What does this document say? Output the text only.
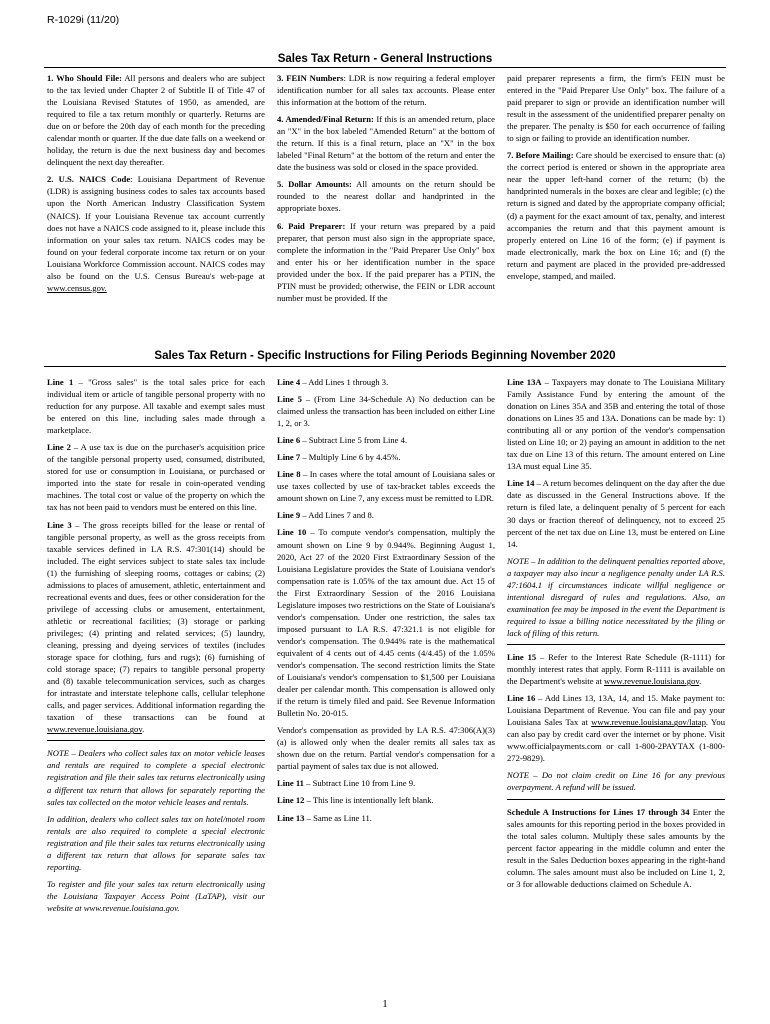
R-1029i (11/20)
Sales Tax Return - General Instructions

1. Who Should File: All persons and dealers who are subject to the tax levied under Chapter 2 of Subtitle II of Title 47 of the Louisiana Revised Statutes of 1950, as amended, are required to file a tax return monthly or quarterly. Returns are due on or before the 20th day of each month for the preceding calendar month or quarter. If the due date falls on a weekend or holiday, the return is due the next business day and becomes delinquent the next day thereafter.

2. U.S. NAICS Code: Louisiana Department of Revenue (LDR) is assigning business codes to sales tax accounts based upon the North American Industry Classification System (NAICS). If your Louisiana Revenue tax account currently does not have a NAICS code assigned to it, please include this information on your sales tax return. NAICS codes may be found on your federal corporate income tax return or on your Louisiana Workforce Commission account. NAICS codes may also be found on the U.S. Census Bureau's web-page at www.census.gov.

3. FEIN Numbers: LDR is now requiring a federal employer identification number for all sales tax accounts. Please enter this information at the bottom of the return.

4. Amended/Final Return: If this is an amended return, place an "X" in the box labeled "Amended Return" at the bottom of the return. If this is a final return, place an "X" in the box labeled "Final Return" at the bottom of the return and enter the date the business was sold or closed in the space provided.

5. Dollar Amounts: All amounts on the return should be rounded to the nearest dollar and handprinted in the appropriate boxes.

6. Paid Preparer: If your return was prepared by a paid preparer, that person must also sign in the appropriate space, complete the information in the "Paid Preparer Use Only" box and enter his or her identification number in the space provided under the box. If the paid preparer has a PTIN, the PTIN must be provided; otherwise, the FEIN or LDR account number must be provided. If the

paid preparer represents a firm, the firm's FEIN must be entered in the "Paid Preparer Use Only" box. The failure of a paid preparer to sign or provide an identification number will result in the assessment of the unidentified preparer penalty on the preparer. The penalty is $50 for each occurrence of failing to sign or failing to provide an identification number.

7. Before Mailing: Care should be exercised to ensure that: (a) the correct period is entered or shown in the appropriate area near the upper left-hand corner of the return; (b) the handprinted numerals in the boxes are clear and legible; (c) the return is signed and dated by the appropriate company official; (d) a payment for the exact amount of tax, penalty, and interest accompanies the return and that this payment amount is properly entered on Line 16 of the form; (e) if payment is made electronically, mark the box on Line 16; and (f) the return and payment are placed in the provided pre-addressed envelope, stamped, and mailed.

Sales Tax Return - Specific Instructions for Filing Periods Beginning November 2020

Line 1 – "Gross sales" is the total sales price for each individual item or article of tangible personal property with no reduction for any purpose. All taxable and exempt sales must be entered on this line, including sales made through a marketplace.

Line 2 – A use tax is due on the purchaser's acquisition price of the tangible personal property used, consumed, distributed, stored for use or consumption in Louisiana, or purchased or imported into the state for resale in coin-operated vending machines. The total cost or value of the property on which the tax has not been paid to vendors must be entered on this line.

Line 3 – The gross receipts billed for the lease or rental of tangible personal property, as well as the gross receipts from taxable services defined in LA R.S. 47:301(14) should be included. The eight services subject to state sales tax include (1) the furnishing of sleeping rooms, cottages or cabins; (2) admissions to places of amusement, athletic, entertainment and recreational events and dues, fees or other consideration for the privilege of accessing clubs or amusement, entertainment, athletic or recreational facilities; (3) storage or parking privileges; (4) printing and related services; (5) laundry, cleaning, pressing and dyeing services of textiles (includes storage space for clothing, furs and rugs); (6) furnishing of cold storage space; (7) repairs to tangible personal property and (8) taxable telecommunication services, such as charges for intrastate and interstate telephone calls, cellular telephone calls, and pager services. Additional information regarding the taxation of these transactions can be found at www.revenue.louisiana.gov.

NOTE – Dealers who collect sales tax on motor vehicle leases and rentals are required to complete a special electronic registration and file their sales tax returns electronically using a different tax return that allows for separately reporting the sales tax collected on the motor vehicle leases and rentals.

In addition, dealers who collect sales tax on hotel/motel room rentals are also required to complete a special electronic registration and file their sales tax returns electronically using a different tax return that allows for separate sales tax reporting.

To register and file your sales tax return electronically using the Louisiana Taxpayer Access Point (LaTAP), visit our website at www.revenue.louisiana.gov.

Line 4 – Add Lines 1 through 3.

Line 5 – (From Line 34-Schedule A) No deduction can be claimed unless the transaction has been included on either Line 1, 2, or 3.

Line 6 – Subtract Line 5 from Line 4.

Line 7 – Multiply Line 6 by 4.45%.

Line 8 – In cases where the total amount of Louisiana sales or use taxes collected by use of tax-bracket tables exceeds the amount shown on Line 7, any excess must be remitted to LDR.

Line 9 – Add Lines 7 and 8.

Line 10 – To compute vendor's compensation, multiply the amount shown on Line 9 by 0.944%. Beginning August 1, 2020, Act 27 of the 2020 First Extraordinary Session of the Louisiana Legislature provides the State of Louisiana vendor's compensation rate is 1.05% of the tax amount due. Act 15 of the First Extraordinary Session of the 2016 Louisiana Legislature imposes two restrictions on the State of Louisiana's vendor's compensation. Under one restriction, the sales tax imposed pursuant to LA R.S. 47:321.1 is not eligible for vendor's compensation. The 0.944% rate is the mathematical equivalent of 4 cents out of 4.45 cents (4/4.45) of the 1.05% vendor's compensation. The second restriction limits the State of Louisiana's vendor's compensation to $1,500 per Louisiana dealer per calendar month. This compensation is allowed only if the return is timely filed and paid. See Revenue Information Bulletin No. 20-015.

Vendor's compensation as provided by LA R.S. 47:306(A)(3)(a) is allowed only when the dealer remits all sales tax as shown due on the return. Partial vendor's compensation for a partial payment of sales tax due is not allowed.

Line 11 – Subtract Line 10 from Line 9.

Line 12 – This line is intentionally left blank.

Line 13 – Same as Line 11.

Line 13A – Taxpayers may donate to The Louisiana Military Family Assistance Fund by entering the amount of the donation on Lines 35A and 35B and entering the total of those donations on Lines 35 and 13A. Donations can be made by: 1) contributing all or any portion of the vendor's compensation listed on Line 10; or 2) paying an amount in addition to the net tax due on Line 13 of this return. The amount entered on Line 13A must equal Line 35.

Line 14 – A return becomes delinquent on the day after the due date as discussed in the General Instructions above. If the return is filed late, a delinquent penalty of 5 percent for each 30 days or fraction thereof of delinquency, not to exceed 25 percent of the net tax due on Line 13, must be entered on Line 14.

NOTE – In addition to the delinquent penalties reported above, a taxpayer may also incur a negligence penalty under LA R.S. 47:1604.1 if circumstances indicate willful negligence or intentional disregard of rules and regulations. Also, an examination fee may be imposed in the event the Department is required to issue a billing notice necessitated by the filing or lack of filing of this return.

Line 15 – Refer to the Interest Rate Schedule (R-1111) for monthly interest rates that apply. Form R-1111 is available on the Department's website at www.revenue.louisiana.gov.

Line 16 – Add Lines 13, 13A, 14, and 15. Make payment to: Louisiana Department of Revenue. You can file and pay your Louisiana Sales Tax at www.revenue.louisiana.gov/latap. You can also pay by credit card over the internet or by phone. Visit www.officialpayments.com or call 1-800-2PAYTAX (1-800-272-9829).

NOTE – Do not claim credit on Line 16 for any previous overpayment. A refund will be issued.

Schedule A Instructions for Lines 17 through 34 Enter the sales amounts for this reporting period in the boxes provided in the total sales column. Multiply these sales amounts by the percent factor appearing in the middle column and enter the result in the Sales Deduction boxes appearing in the right-hand column. The sales amount must also be included on Line 1, 2, or 3 for allowable deductions claimed on Schedule A.

1
